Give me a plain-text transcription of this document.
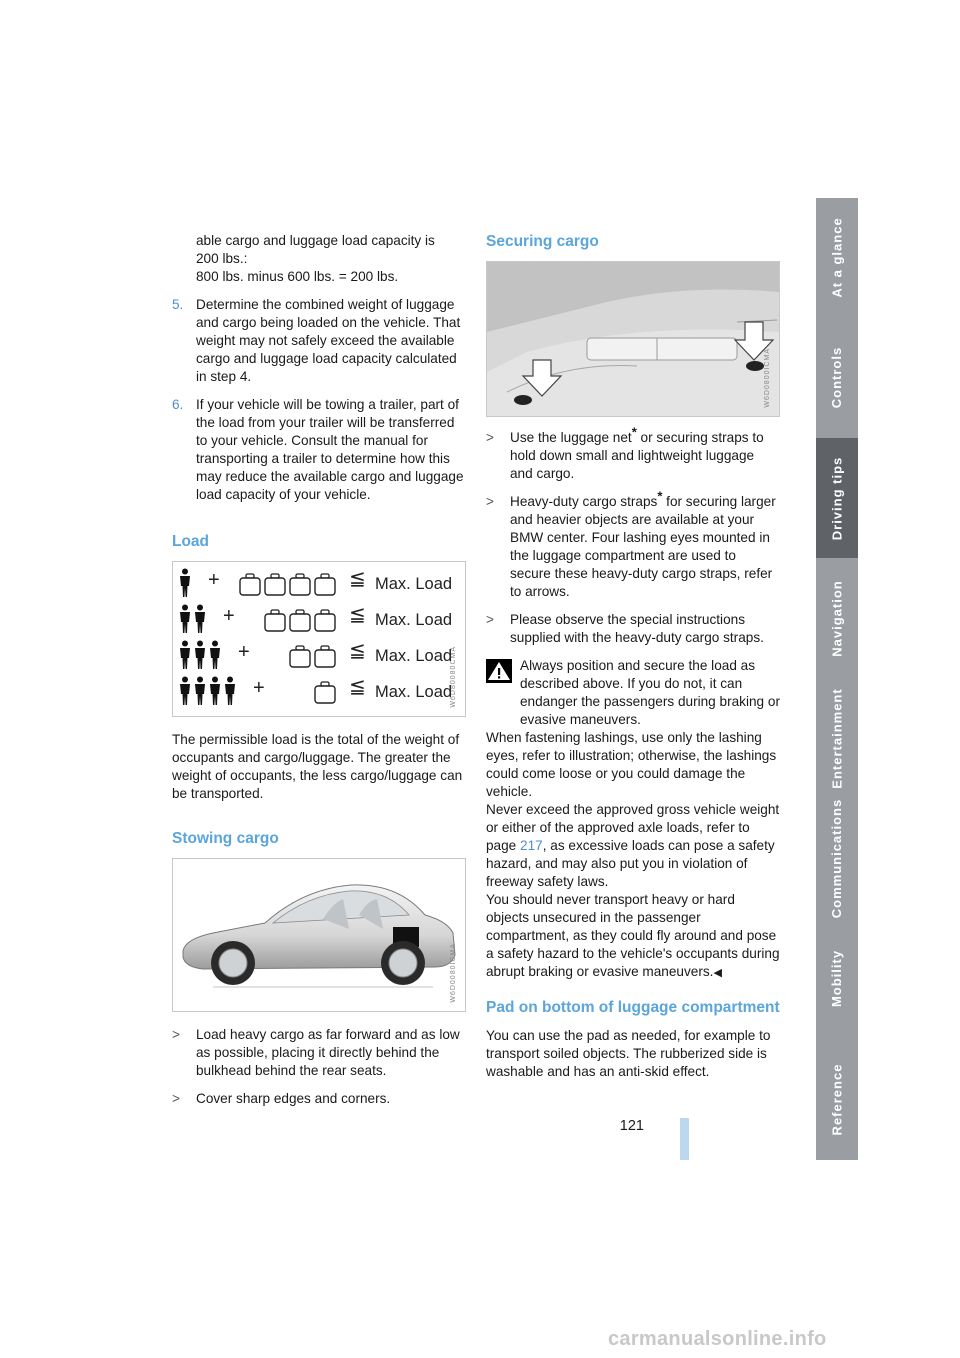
able cargo and luggage load capacity is
200 lbs.:
800 lbs. minus 600 lbs. = 200 lbs.
5. Determine the combined weight of luggage and cargo being loaded on the vehicle. That weight may not safely exceed the available cargo and luggage load capacity calculated in step 4.
6. If your vehicle will be towing a trailer, part of the load from your trailer will be transferred to your vehicle. Consult the manual for transporting a trailer to determine how this may reduce the available cargo and luggage load capacity of your vehicle.
Load
W6D80080CMA
+	≦ Max. Load
+	≦ Max. Load
+	≦ Max. Load
+	≦ Max. Load

The permissible load is the total of the weight of occupants and cargo/luggage. The greater the weight of occupants, the less cargo/luggage can be transported.

Stowing cargo
W6D0080ICMA
> Load heavy cargo as far forward and as low as possible, placing it directly behind the bulkhead behind the rear seats.
> Cover sharp edges and corners.
Securing cargo
W6D0800ICMA
> Use the luggage net* or securing straps to hold down small and lightweight luggage and cargo.
> Heavy-duty cargo straps* for securing larger and heavier objects are available at your BMW center. Four lashing eyes mounted in the luggage compartment are used to secure these heavy-duty cargo straps, refer to arrows.
> Please observe the special instructions supplied with the heavy-duty cargo straps.

Always position and secure the load as described above. If you do not, it can endanger the passengers during braking or evasive maneuvers.

When fastening lashings, use only the lashing eyes, refer to illustration; otherwise, the lashings could come loose or you could damage the vehicle.

Never exceed the approved gross vehicle weight or either of the approved axle loads, refer to page 217, as excessive loads can pose a safety hazard, and may also put you in violation of freeway safety laws.

You should never transport heavy or hard objects unsecured in the passenger compartment, as they could fly around and pose a safety hazard to the vehicle's occupants during abrupt braking or evasive maneuvers.◀

Pad on bottom of luggage compartment

You can use the pad as needed, for example to transport soiled objects. The rubberized side is washable and has an anti-skid effect.

At a glance
Controls
Driving tips
Navigation
Entertainment
Communications
Mobility
Reference
121
carmanualsonline.info
